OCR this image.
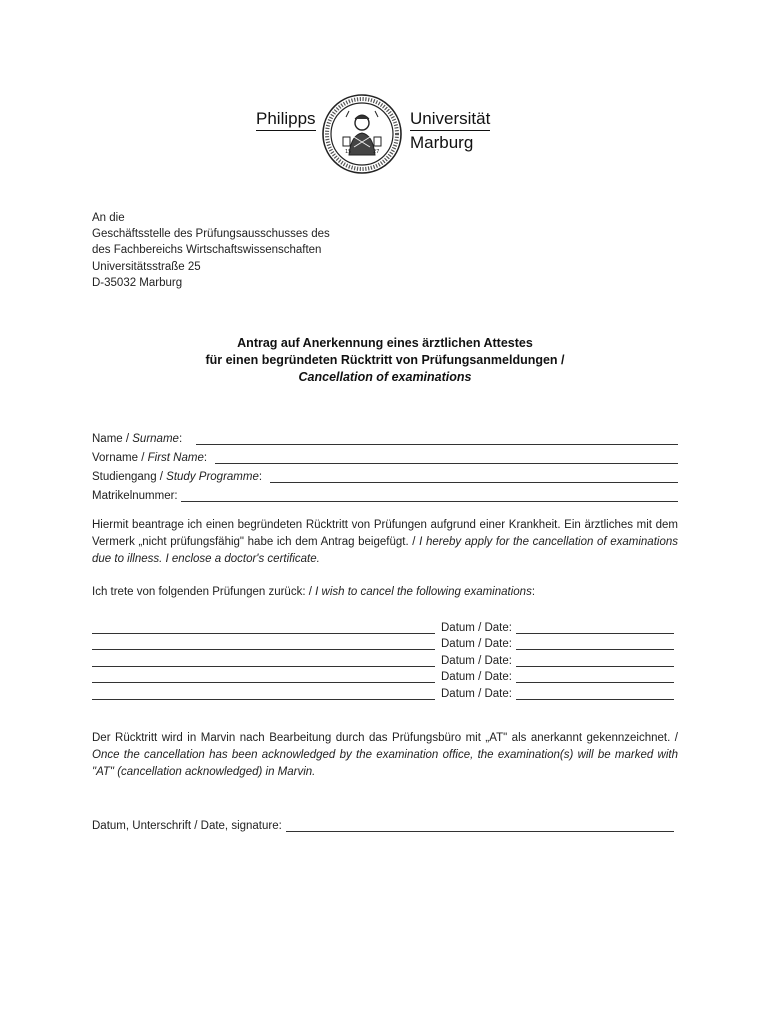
Philipps
15	27
Universität
Marburg
An die
Geschäftsstelle des Prüfungsausschusses des
des Fachbereichs Wirtschaftswissenschaften
Universitätsstraße 25
D-35032 Marburg
Antrag auf Anerkennung eines ärztlichen Attestes
für einen begründeten Rücktritt von Prüfungsanmeldungen /
Cancellation of examinations
Name / Surname:
Vorname / First Name:
Studiengang / Study Programme:
Matrikelnummer:
Hiermit beantrage ich einen begründeten Rücktritt von Prüfungen aufgrund einer Krankheit. Ein ärztliches mit dem Vermerk „nicht prüfungsfähig" habe ich dem Antrag beigefügt. / I hereby apply for the cancellation of examinations due to illness. I enclose a doctor's certificate.
Ich trete von folgenden Prüfungen zurück: / I wish to cancel the following examinations:
Datum / Date:
Datum / Date:
Datum / Date:
Datum / Date:
Datum / Date:
Der Rücktritt wird in Marvin nach Bearbeitung durch das Prüfungsbüro mit „AT" als anerkannt gekennzeichnet. / Once the cancellation has been acknowledged by the examination office, the examination(s) will be marked with "AT" (cancellation acknowledged) in Marvin.
Datum, Unterschrift / Date, signature:
